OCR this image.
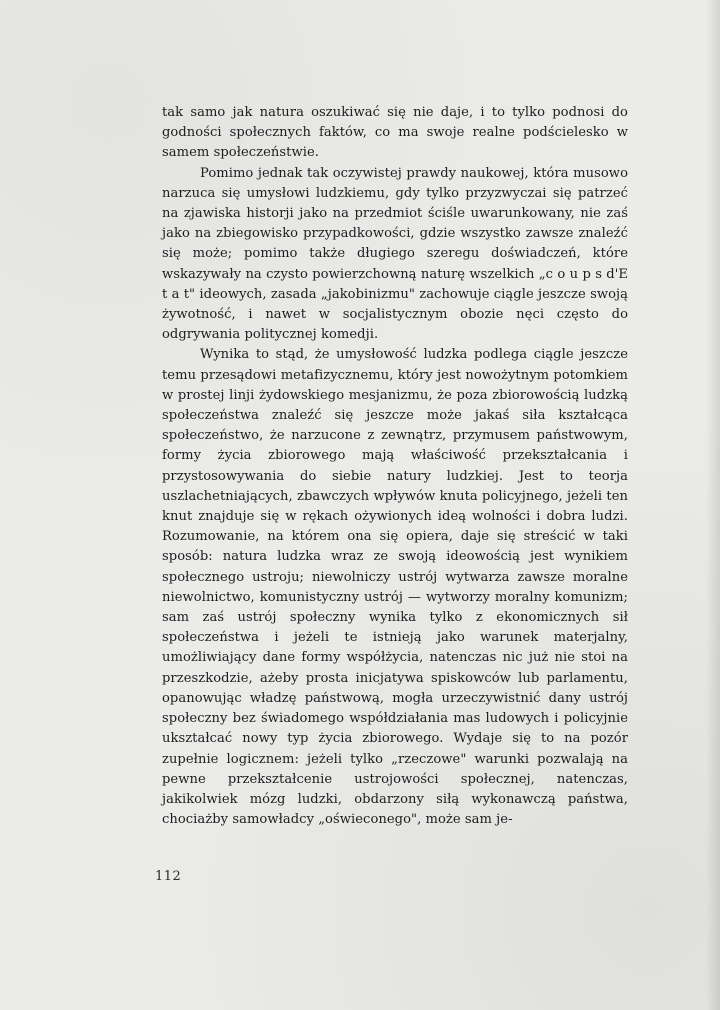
tak samo jak natura oszukiwać się nie daje, i to tylko podnosi do godności społecznych faktów, co ma swoje realne podścielesko w samem społeczeństwie.

Pomimo jednak tak oczywistej prawdy naukowej, która musowo narzuca się umysłowi ludzkiemu, gdy tylko przyzwyczai się patrzeć na zjawiska historji jako na przedmiot ściśle uwarunkowany, nie zaś jako na zbiegowisko przypadkowości, gdzie wszystko zawsze znaleźć się może; pomimo także długiego szeregu doświadczeń, które wskazywały na czysto powierzchowną naturę wszelkich „c o u p s d'E t a t" ideowych, zasada „jakobinizmu" zachowuje ciągle jeszcze swoją żywotność, i nawet w socjalistycznym obozie nęci często do odgrywania politycznej komedji.

Wynika to stąd, że umysłowość ludzka podlega ciągle jeszcze temu przesądowi metafizycznemu, który jest nowożytnym potomkiem w prostej linji żydowskiego mesjanizmu, że poza zbiorowością ludzką społeczeństwa znaleźć się jeszcze może jakaś siła kształcąca społeczeństwo, że narzucone z zewnątrz, przymusem państwowym, formy życia zbiorowego mają właściwość przekształcania i przystosowywania do siebie natury ludzkiej. Jest to teorja uszlachetniających, zbawczych wpływów knuta policyjnego, jeżeli ten knut znajduje się w rękach ożywionych ideą wolności i dobra ludzi. Rozumowanie, na którem ona się opiera, daje się streścić w taki sposób: natura ludzka wraz ze swoją ideowością jest wynikiem społecznego ustroju; niewolniczy ustrój wytwarza zawsze moralne niewolnictwo, komunistyczny ustrój — wytworzy moralny komunizm; sam zaś ustrój społeczny wynika tylko z ekonomicznych sił społeczeństwa i jeżeli te istnieją jako warunek materjalny, umożliwiający dane formy współżycia, natenczas nic już nie stoi na przeszkodzie, ażeby prosta inicjatywa spiskowców lub parlamentu, opanowując władzę państwową, mogła urzeczywistnić dany ustrój społeczny bez świadomego współdziałania mas ludowych i policyjnie ukształcać nowy typ życia zbiorowego. Wydaje się to na pozór zupełnie logicznem: jeżeli tylko „rzeczowe" warunki pozwalają na pewne przekształcenie ustrojowości społecznej, natenczas, jakikolwiek mózg ludzki, obdarzony siłą wykonawczą państwa, chociażby samowładcy „oświeconego", może sam je-

112
